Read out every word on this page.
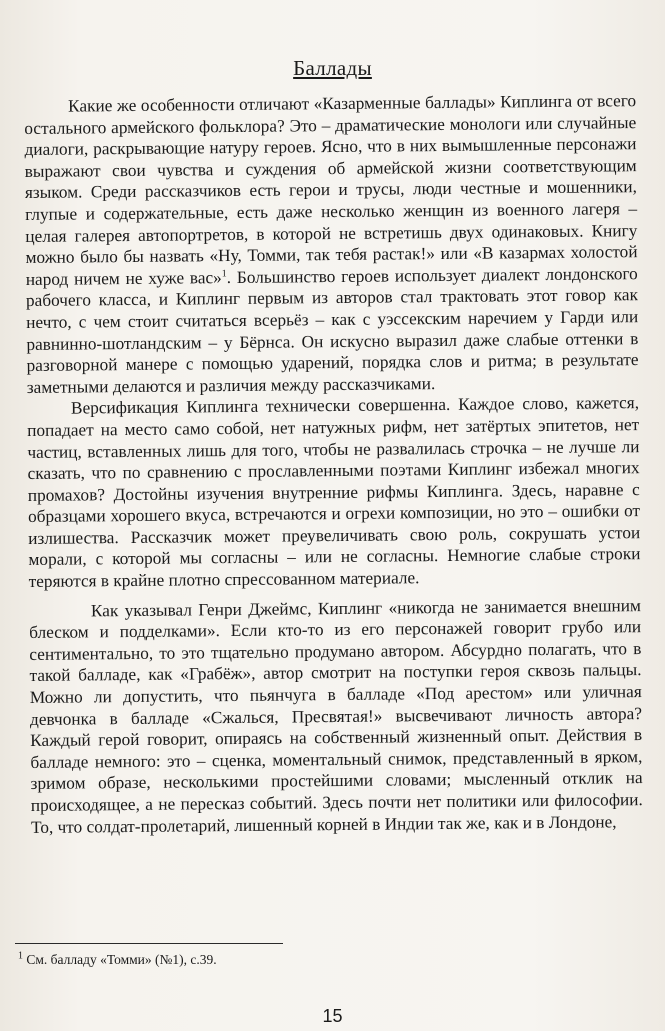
Баллады

Какие же особенности отличают «Казарменные баллады» Киплинга от всего остального армейского фольклора? Это – драматические монологи или случайные диалоги, раскрывающие натуру героев. Ясно, что в них вымышленные персонажи выражают свои чувства и суждения об армейской жизни соответствующим языком. Среди рассказчиков есть герои и трусы, люди честные и мошенники, глупые и содержательные, есть даже несколько женщин из военного лагеря – целая галерея автопортретов, в которой не встретишь двух одинаковых. Книгу можно было бы назвать «Ну, Томми, так тебя растак!» или «В казармах холостой народ ничем не хуже вас»$^1$. Большинство героев использует диалект лондонского рабочего класса, и Киплинг первым из авторов стал трактовать этот говор как нечто, с чем стоит считаться всерьёз – как с уэссекским наречием у Гарди или равнинно-шотландским – у Бёрнса. Он искусно выразил даже слабые оттенки в разговорной манере с помощью ударений, порядка слов и ритма; в результате заметными делаются и различия между рассказчиками.

Версификация Киплинга технически совершенна. Каждое слово, кажется, попадает на место само собой, нет натужных рифм, нет затёртых эпитетов, нет частиц, вставленных лишь для того, чтобы не развалилась строчка – не лучше ли сказать, что по сравнению с прославленными поэтами Киплинг избежал многих промахов? Достойны изучения внутренние рифмы Киплинга. Здесь, наравне с образцами хорошего вкуса, встречаются и огрехи композиции, но это – ошибки от излишества. Рассказчик может преувеличивать свою роль, сокрушать устои морали, с которой мы согласны – или не согласны. Немногие слабые строки теряются в крайне плотно спрессованном материале.

Как указывал Генри Джеймс, Киплинг «никогда не занимается внешним блеском и подделками». Если кто-то из его персонажей говорит грубо или сентиментально, то это тщательно продумано автором. Абсурдно полагать, что в такой балладе, как «Грабёж», автор смотрит на поступки героя сквозь пальцы. Можно ли допустить, что пьянчуга в балладе «Под арестом» или уличная девчонка в балладе «Сжалься, Пресвятая!» высвечивают личность автора? Каждый герой говорит, опираясь на собственный жизненный опыт. Действия в балладе немного: это – сценка, моментальный снимок, представленный в ярком, зримом образе, несколькими простейшими словами; мысленный отклик на происходящее, а не пересказ событий. Здесь почти нет политики или философии. То, что солдат-пролетарий, лишенный корней в Индии так же, как и в Лондоне,

$^1$ См. балладу «Томми» (№1), с.39.
15
